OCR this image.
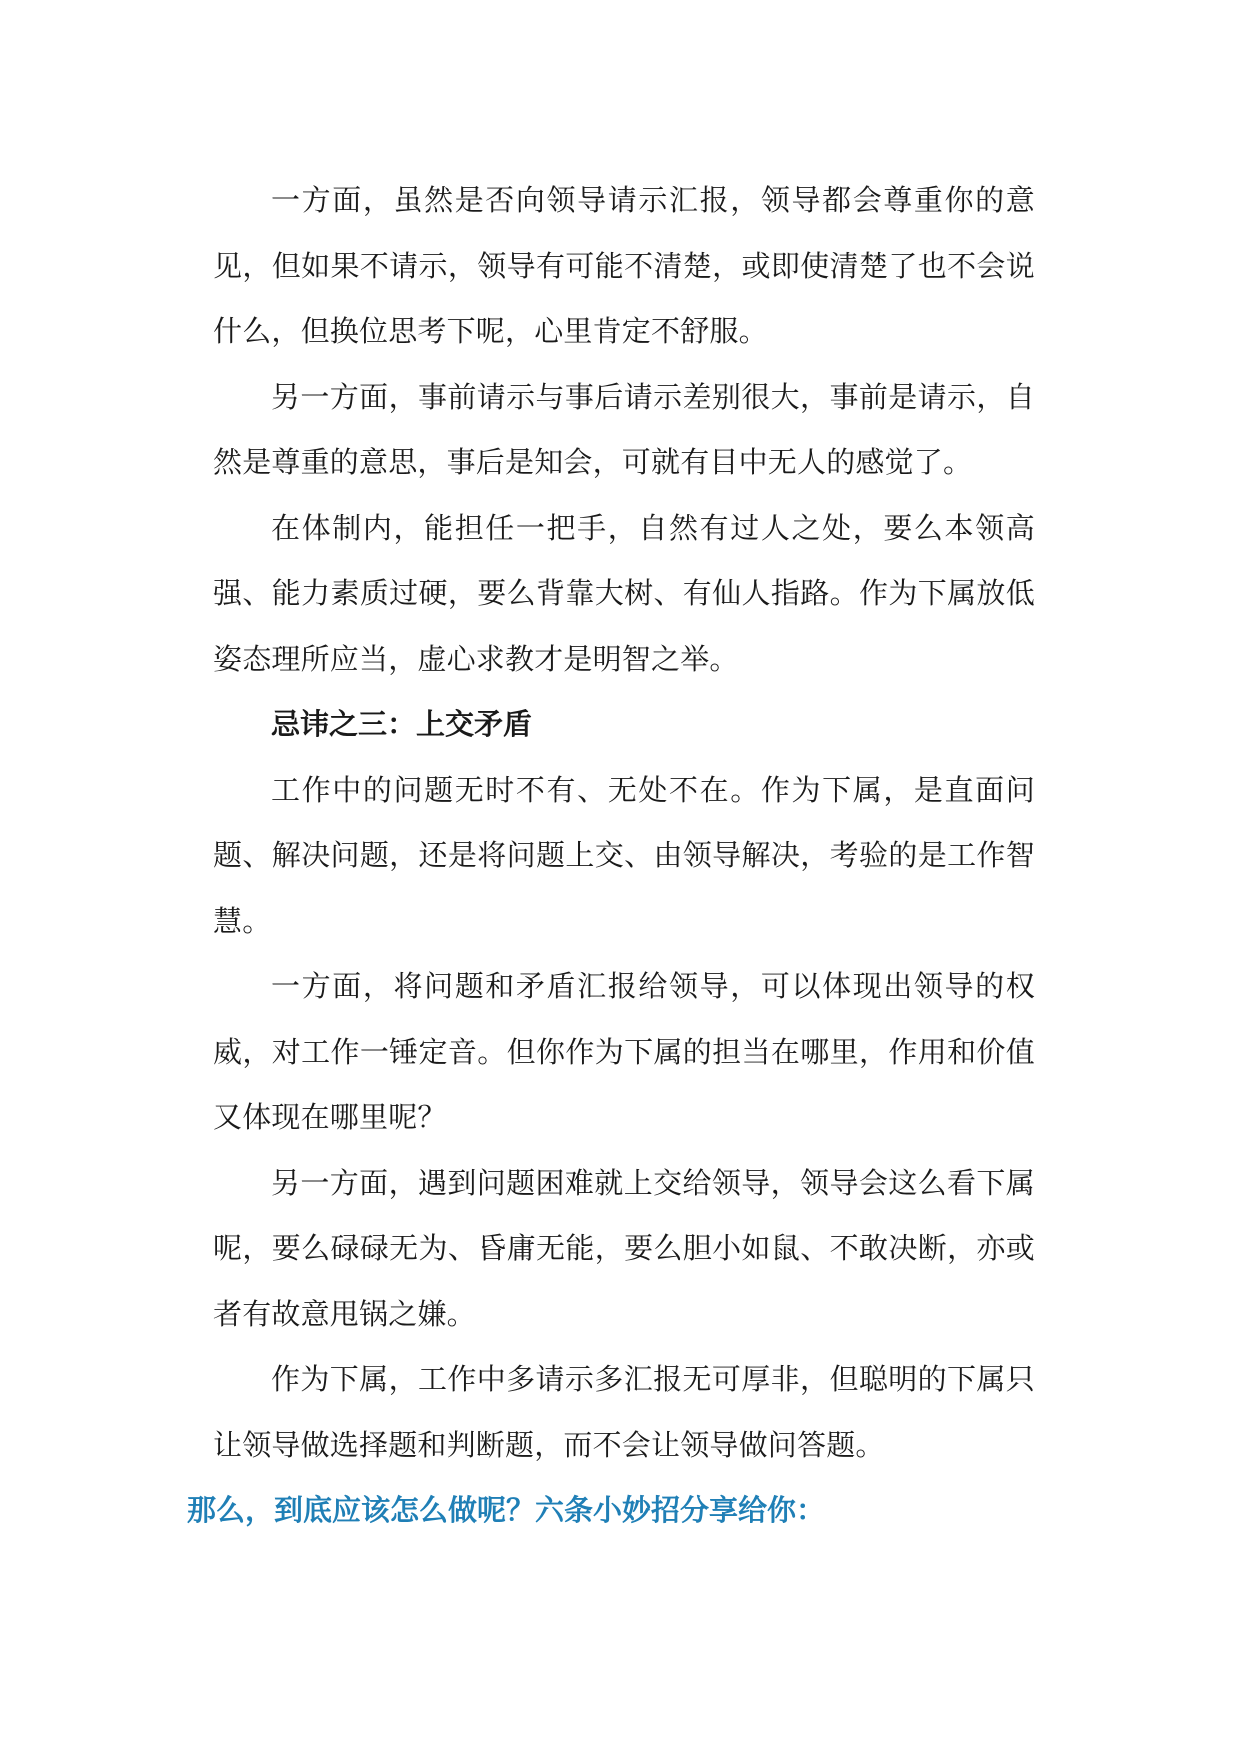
一方面，虽然是否向领导请示汇报，领导都会尊重你的意见，但如果不请示，领导有可能不清楚，或即使清楚了也不会说什么，但换位思考下呢，心里肯定不舒服。

另一方面，事前请示与事后请示差别很大，事前是请示，自然是尊重的意思，事后是知会，可就有目中无人的感觉了。

在体制内，能担任一把手，自然有过人之处，要么本领高强、能力素质过硬，要么背靠大树、有仙人指路。作为下属放低姿态理所应当，虚心求教才是明智之举。

忌讳之三：上交矛盾

工作中的问题无时不有、无处不在。作为下属，是直面问题、解决问题，还是将问题上交、由领导解决，考验的是工作智慧。

一方面，将问题和矛盾汇报给领导，可以体现出领导的权威，对工作一锤定音。但你作为下属的担当在哪里，作用和价值又体现在哪里呢？

另一方面，遇到问题困难就上交给领导，领导会这么看下属呢，要么碌碌无为、昏庸无能，要么胆小如鼠、不敢决断，亦或者有故意甩锅之嫌。

作为下属，工作中多请示多汇报无可厚非，但聪明的下属只让领导做选择题和判断题，而不会让领导做问答题。

那么，到底应该怎么做呢？六条小妙招分享给你：
